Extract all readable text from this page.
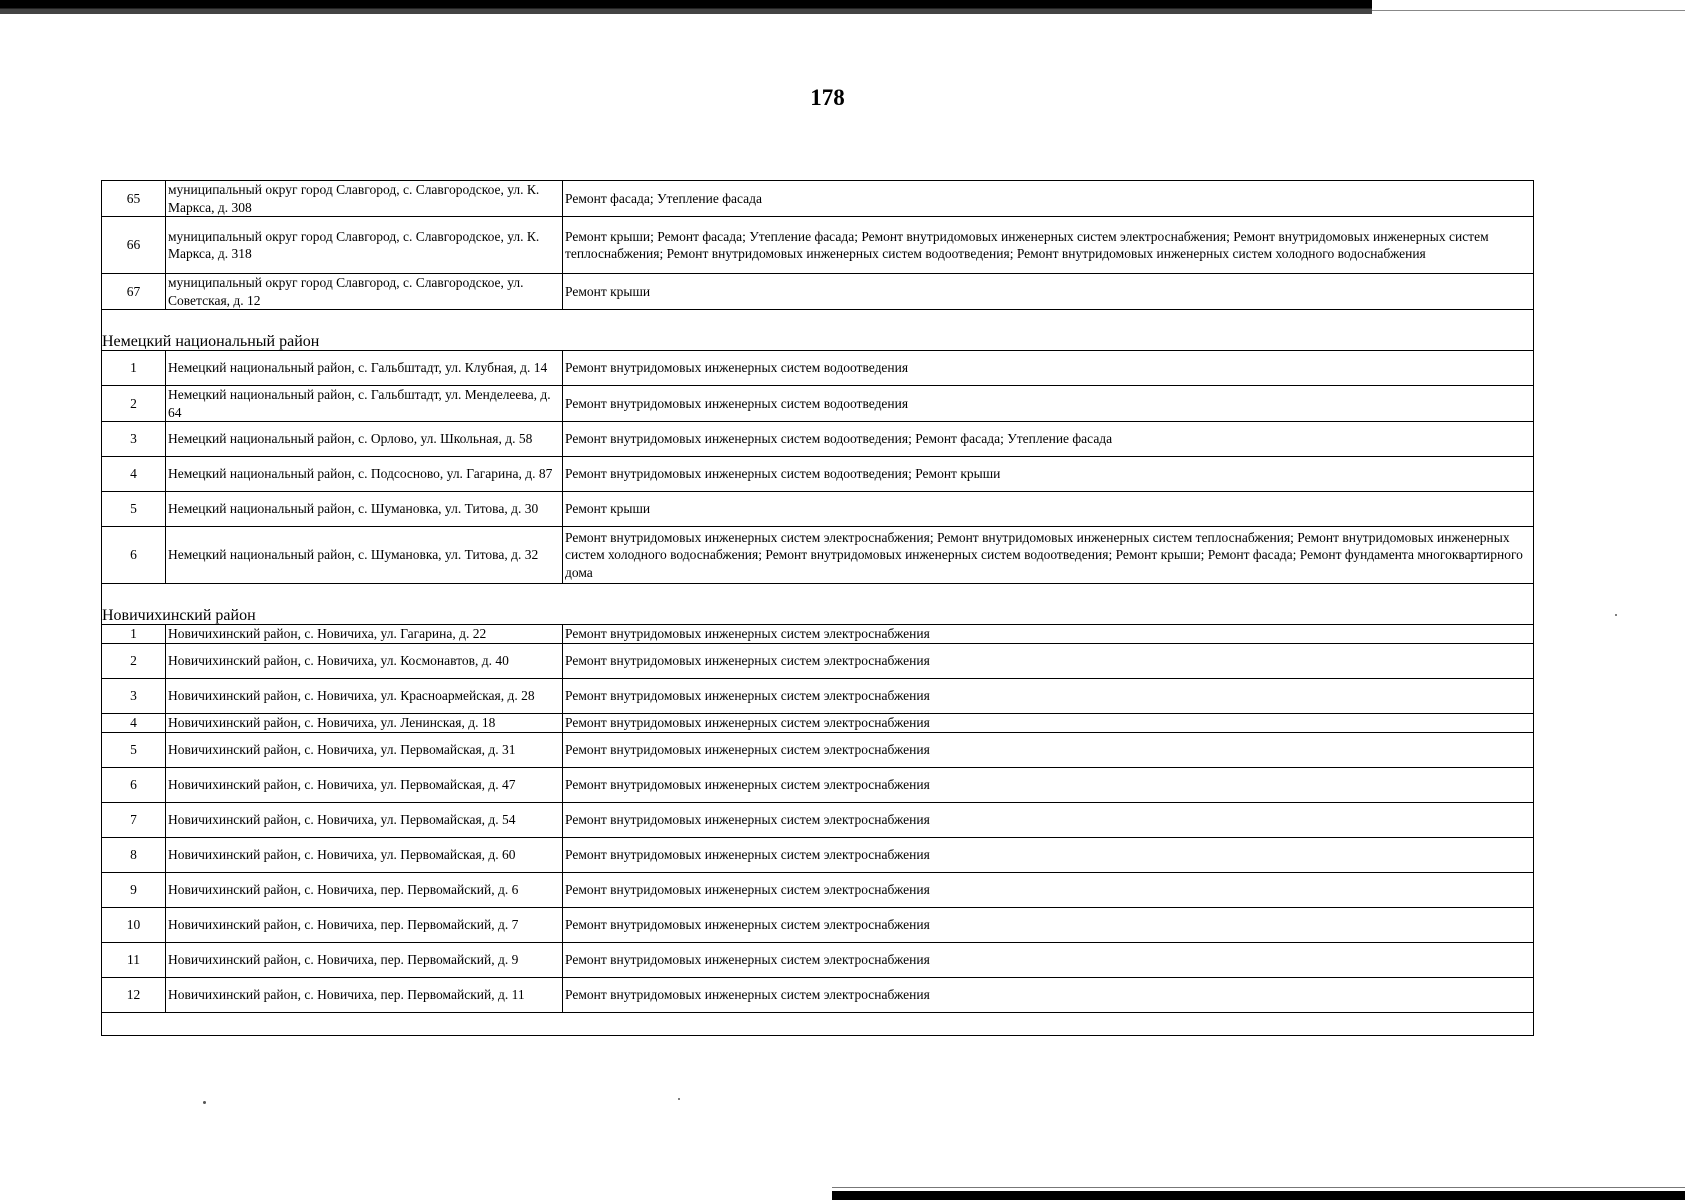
178
65	муниципальный округ город Славгород, с. Славгородское, ул. К. Маркса, д. 308	Ремонт фасада; Утепление фасада
66	муниципальный округ город Славгород, с. Славгородское, ул. К. Маркса, д. 318	Ремонт крыши; Ремонт фасада; Утепление фасада; Ремонт внутридомовых инженерных систем электроснабжения; Ремонт внутридомовых инженерных систем теплоснабжения; Ремонт внутридомовых инженерных систем водоотведения; Ремонт внутридомовых инженерных систем холодного водоснабжения
67	муниципальный округ город Славгород, с. Славгородское, ул. Советская, д. 12	Ремонт крыши
Немецкий национальный район		
1	Немецкий национальный район, с. Гальбштадт, ул. Клубная, д. 14	Ремонт внутридомовых инженерных систем водоотведения
2	Немецкий национальный район, с. Гальбштадт, ул. Менделеева, д. 64	Ремонт внутридомовых инженерных систем водоотведения
3	Немецкий национальный район, с. Орлово, ул. Школьная, д. 58	Ремонт внутридомовых инженерных систем водоотведения; Ремонт фасада; Утепление фасада
4	Немецкий национальный район, с. Подсосново, ул. Гагарина, д. 87	Ремонт внутридомовых инженерных систем водоотведения; Ремонт крыши
5	Немецкий национальный район, с. Шумановка, ул. Титова, д. 30	Ремонт крыши
6	Немецкий национальный район, с. Шумановка, ул. Титова, д. 32	Ремонт внутридомовых инженерных систем электроснабжения; Ремонт внутридомовых инженерных систем теплоснабжения; Ремонт внутридомовых инженерных систем холодного водоснабжения; Ремонт внутридомовых инженерных систем водоотведения; Ремонт крыши; Ремонт фасада; Ремонт фундамента многоквартирного дома
Новичихинский район		
1	Новичихинский район, с. Новичиха, ул. Гагарина, д. 22	Ремонт внутридомовых инженерных систем электроснабжения
2	Новичихинский район, с. Новичиха, ул. Космонавтов, д. 40	Ремонт внутридомовых инженерных систем электроснабжения
3	Новичихинский район, с. Новичиха, ул. Красноармейская, д. 28	Ремонт внутридомовых инженерных систем электроснабжения
4	Новичихинский район, с. Новичиха, ул. Ленинская, д. 18	Ремонт внутридомовых инженерных систем электроснабжения
5	Новичихинский район, с. Новичиха, ул. Первомайская, д. 31	Ремонт внутридомовых инженерных систем электроснабжения
6	Новичихинский район, с. Новичиха, ул. Первомайская, д. 47	Ремонт внутридомовых инженерных систем электроснабжения
7	Новичихинский район, с. Новичиха, ул. Первомайская, д. 54	Ремонт внутридомовых инженерных систем электроснабжения
8	Новичихинский район, с. Новичиха, ул. Первомайская, д. 60	Ремонт внутридомовых инженерных систем электроснабжения
9	Новичихинский район, с. Новичиха, пер. Первомайский, д. 6	Ремонт внутридомовых инженерных систем электроснабжения
10	Новичихинский район, с. Новичиха, пер. Первомайский, д. 7	Ремонт внутридомовых инженерных систем электроснабжения
11	Новичихинский район, с. Новичиха, пер. Первомайский, д. 9	Ремонт внутридомовых инженерных систем электроснабжения
12	Новичихинский район, с. Новичиха, пер. Первомайский, д. 11	Ремонт внутридомовых инженерных систем электроснабжения
